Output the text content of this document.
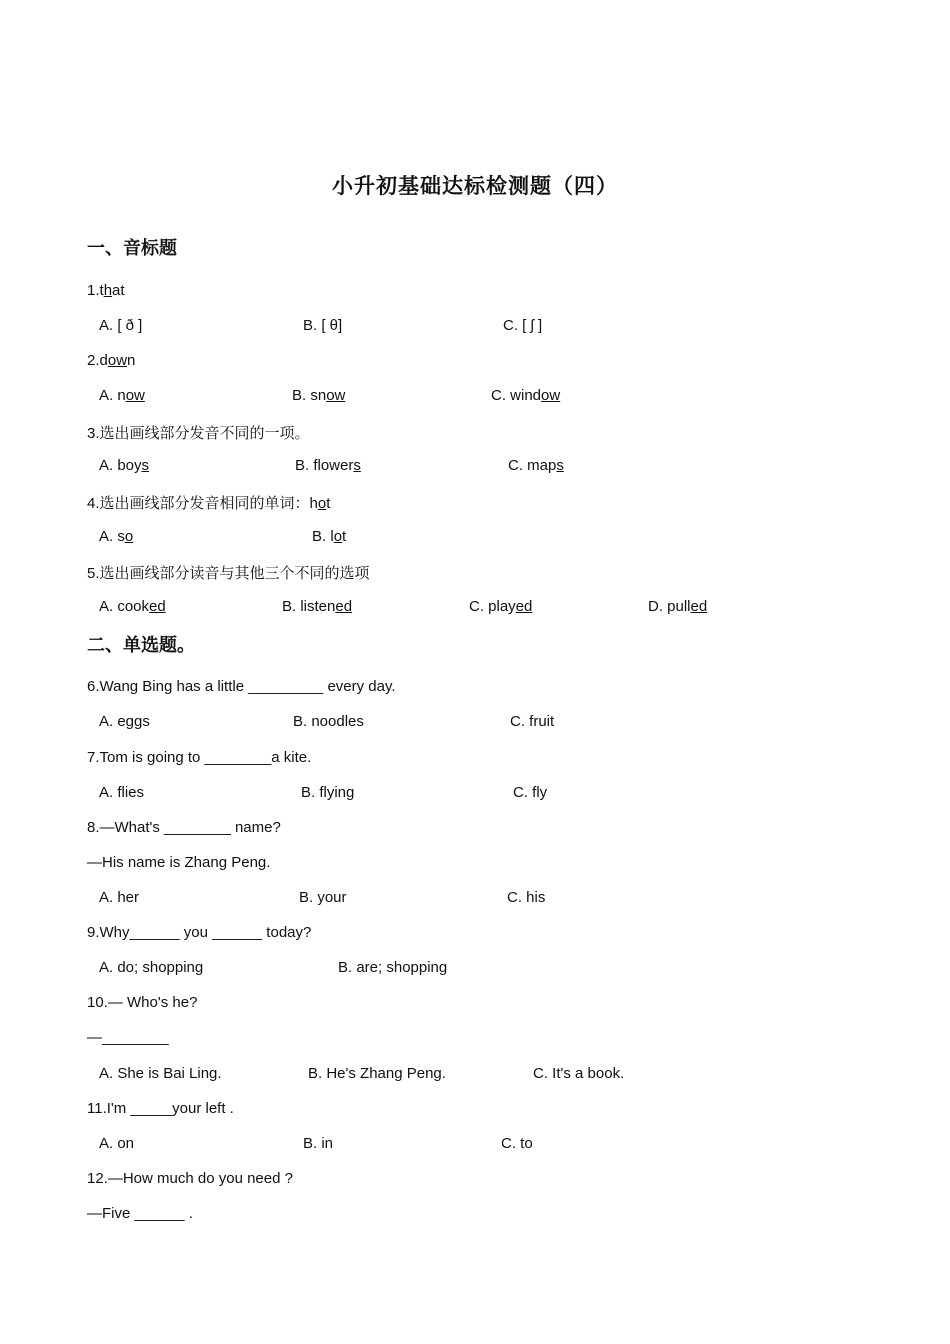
小升初基础达标检测题（四）
一、音标题
1.that
A. [ ð ]	B. [ θ]	C. [ ʃ ]
2.down
A. now	B. snow	C. window
3.选出画线部分发音不同的一项。
A. boys	B. flowers	C. maps
4.选出画线部分发音相同的单词：hot
A. so	B. lot
5.选出画线部分读音与其他三个不同的选项
A. cooked	B. listened	C. played	D. pulled
二、单选题。
6.Wang Bing has a little _________ every day.
A. eggs	B. noodles	C. fruit
7.Tom is going to ________a kite.
A. flies	B. flying	C. fly
8.—What's ________ name?
—His name is Zhang Peng.
A. her	B. your	C. his
9.Why______ you ______ today?
A. do; shopping	B. are; shopping
10.— Who's he?
—________
A. She is Bai Ling.	B. He's Zhang Peng.	C. It's a book.
11.I'm _____your left .
A. on	B. in	C. to
12.—How much do you need ?
—Five ______ .
